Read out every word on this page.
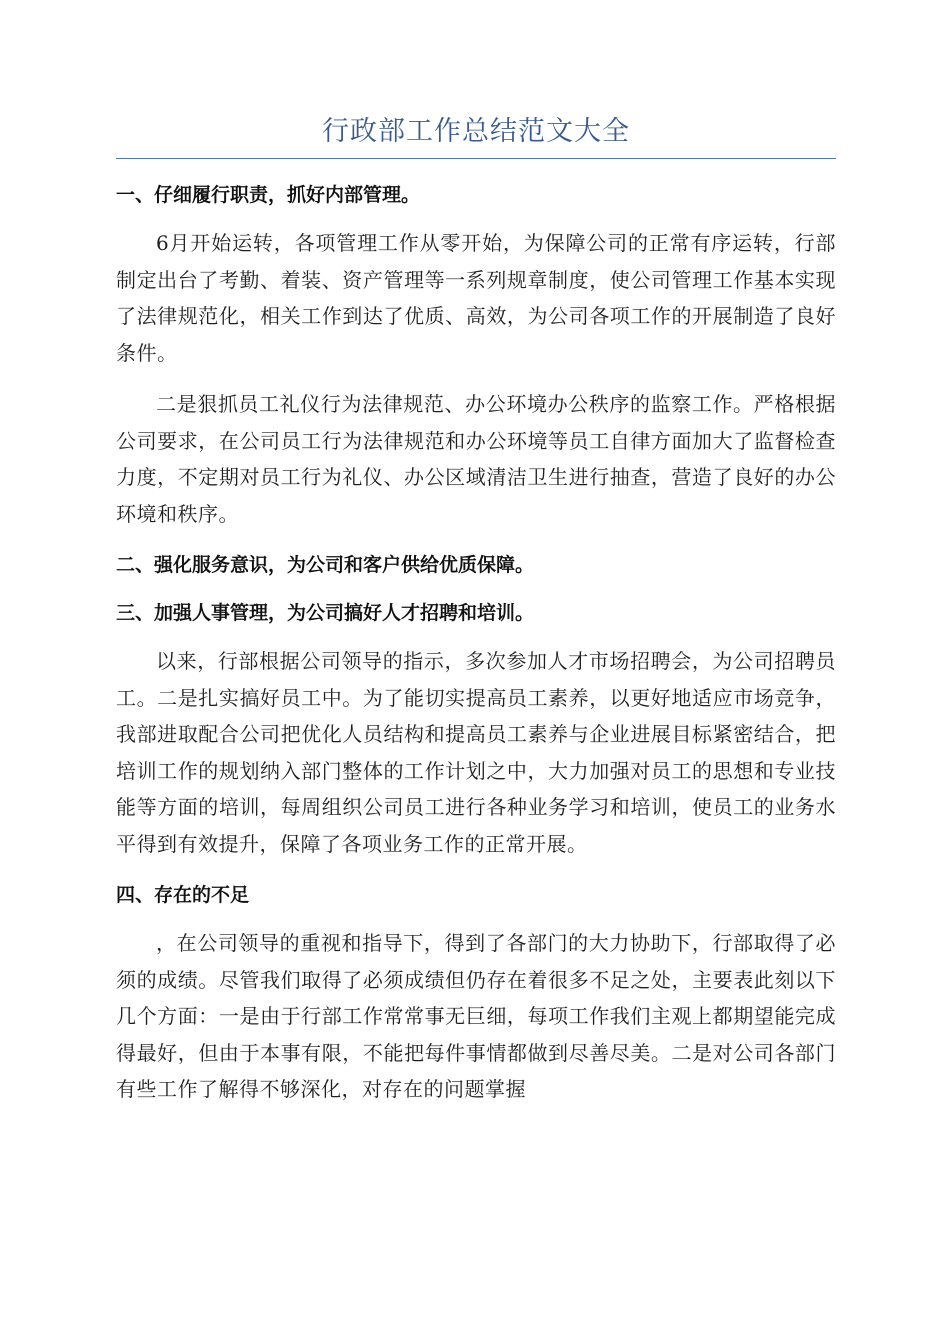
行政部工作总结范文大全
一、仔细履行职责，抓好内部管理。

6月开始运转，各项管理工作从零开始，为保障公司的正常有序运转，行部制定出台了考勤、着装、资产管理等一系列规章制度，使公司管理工作基本实现了法律规范化，相关工作到达了优质、高效，为公司各项工作的开展制造了良好条件。

二是狠抓员工礼仪行为法律规范、办公环境办公秩序的监察工作。严格根据公司要求，在公司员工行为法律规范和办公环境等员工自律方面加大了监督检查力度，不定期对员工行为礼仪、办公区域清洁卫生进行抽查，营造了良好的办公环境和秩序。

二、强化服务意识，为公司和客户供给优质保障。
三、加强人事管理，为公司搞好人才招聘和培训。

以来，行部根据公司领导的指示，多次参加人才市场招聘会，为公司招聘员工。二是扎实搞好员工中。为了能切实提高员工素养，以更好地适应市场竞争，我部进取配合公司把优化人员结构和提高员工素养与企业进展目标紧密结合，把培训工作的规划纳入部门整体的工作计划之中，大力加强对员工的思想和专业技能等方面的培训，每周组织公司员工进行各种业务学习和培训，使员工的业务水平得到有效提升，保障了各项业务工作的正常开展。

四、存在的不足

，在公司领导的重视和指导下，得到了各部门的大力协助下，行部取得了必须的成绩。尽管我们取得了必须成绩但仍存在着很多不足之处，主要表此刻以下几个方面：一是由于行部工作常常事无巨细，每项工作我们主观上都期望能完成得最好，但由于本事有限，不能把每件事情都做到尽善尽美。二是对公司各部门有些工作了解得不够深化，对存在的问题掌握
